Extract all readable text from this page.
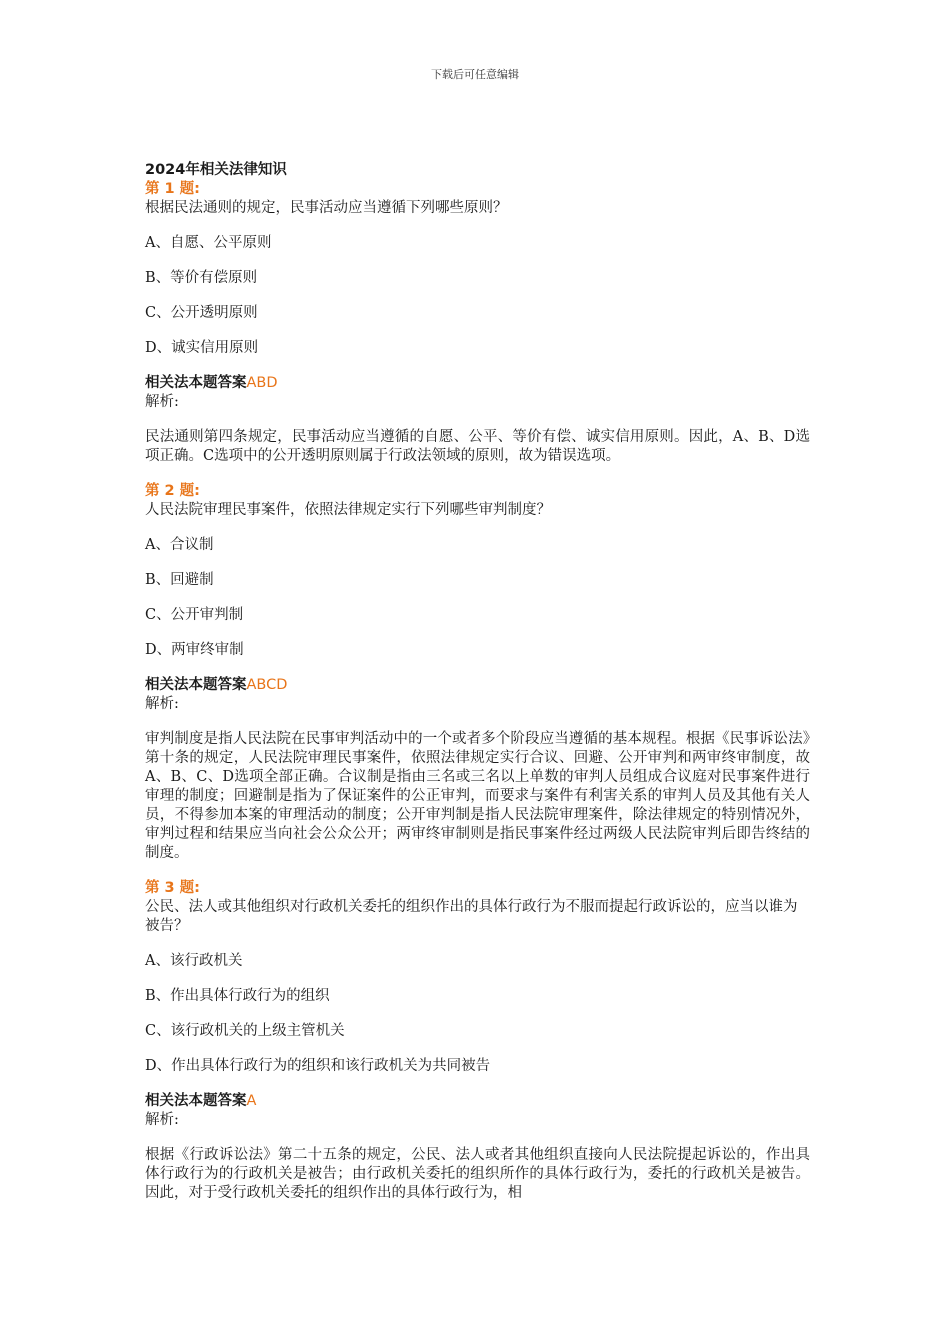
下载后可任意编辑
2024年相关法律知识
第 1 题:
根据民法通则的规定，民事活动应当遵循下列哪些原则？
A、自愿、公平原则
B、等价有偿原则
C、公开透明原则
D、诚实信用原则
相关法本题答案ABD
解析:
民法通则第四条规定，民事活动应当遵循的自愿、公平、等价有偿、诚实信用原则。因此，A、B、D选项正确。C选项中的公开透明原则属于行政法领域的原则，故为错误选项。
第 2 题:
人民法院审理民事案件，依照法律规定实行下列哪些审判制度？
A、合议制
B、回避制
C、公开审判制
D、两审终审制
相关法本题答案ABCD
解析:
审判制度是指人民法院在民事审判活动中的一个或者多个阶段应当遵循的基本规程。根据《民事诉讼法》第十条的规定，人民法院审理民事案件，依照法律规定实行合议、回避、公开审判和两审终审制度，故A、B、C、D选项全部正确。合议制是指由三名或三名以上单数的审判人员组成合议庭对民事案件进行审理的制度；回避制是指为了保证案件的公正审判，而要求与案件有利害关系的审判人员及其他有关人员，不得参加本案的审理活动的制度；公开审判制是指人民法院审理案件，除法律规定的特别情况外，审判过程和结果应当向社会公众公开；两审终审制则是指民事案件经过两级人民法院审判后即告终结的制度。
第 3 题:
公民、法人或其他组织对行政机关委托的组织作出的具体行政行为不服而提起行政诉讼的，应当以谁为被告？
A、该行政机关
B、作出具体行政行为的组织
C、该行政机关的上级主管机关
D、作出具体行政行为的组织和该行政机关为共同被告
相关法本题答案A
解析:
根据《行政诉讼法》第二十五条的规定，公民、法人或者其他组织直接向人民法院提起诉讼的，作出具体行政行为的行政机关是被告；由行政机关委托的组织所作的具体行政行为，委托的行政机关是被告。因此，对于受行政机关委托的组织作出的具体行政行为，相
